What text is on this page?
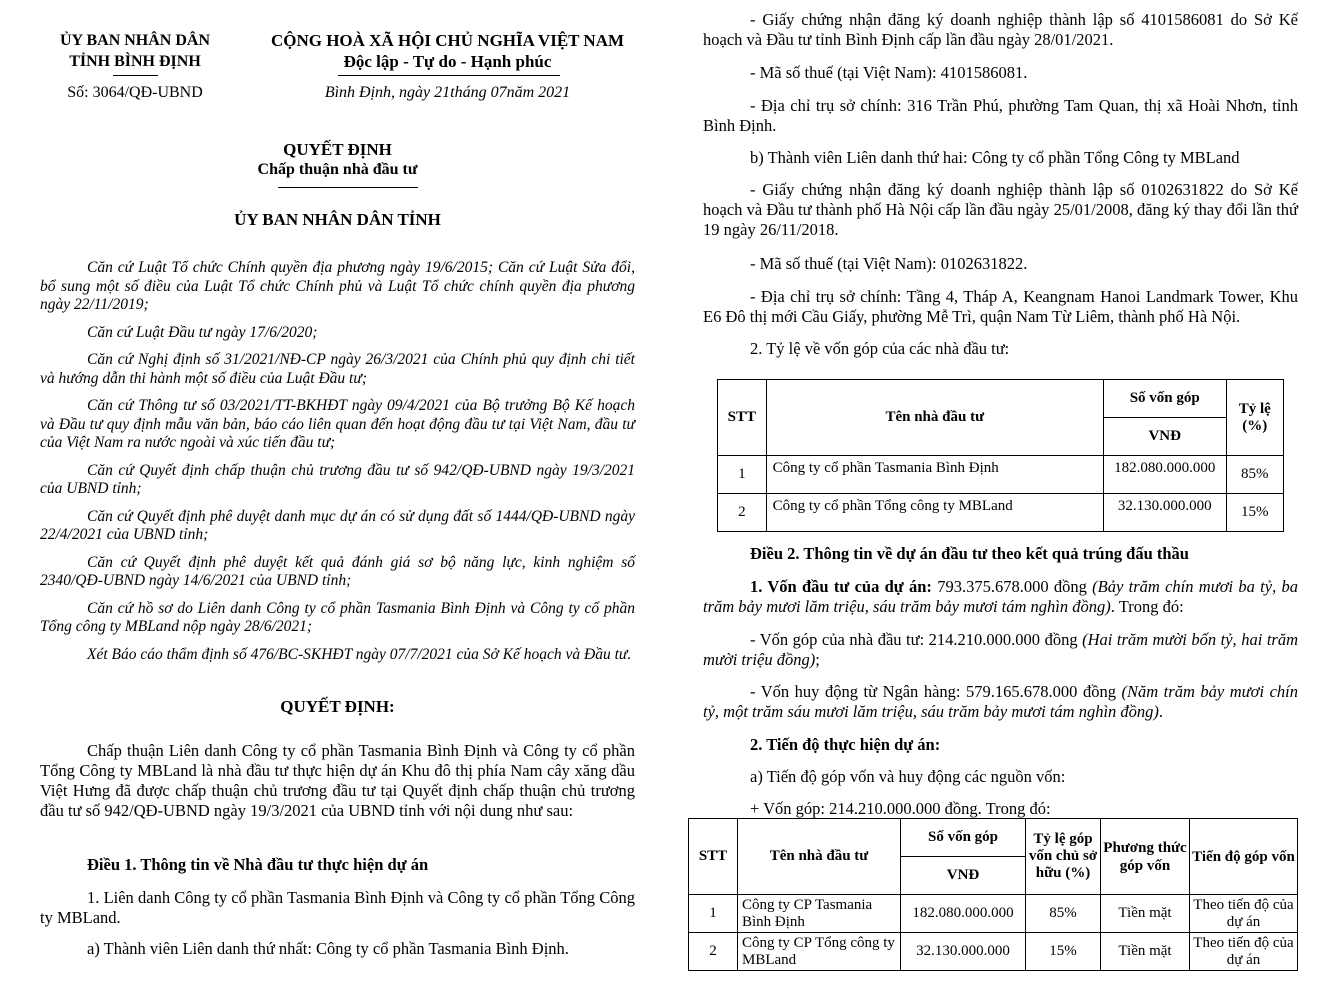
ỦY BAN NHÂN DÂN
TỈNH BÌNH ĐỊNH
Số: 3064/QĐ-UBND
CỘNG HOÀ XÃ HỘI CHỦ NGHĨA VIỆT NAM
Độc lập - Tự do - Hạnh phúc
Bình Định, ngày 21tháng 07năm 2021
QUYẾT ĐỊNH
Chấp thuận nhà đầu tư
ỦY BAN NHÂN DÂN TỈNH

Căn cứ Luật Tổ chức Chính quyền địa phương ngày 19/6/2015; Căn cứ Luật Sửa đổi, bổ sung một số điều của Luật Tổ chức Chính phủ và Luật Tổ chức chính quyền địa phương ngày 22/11/2019;

Căn cứ Luật Đầu tư ngày 17/6/2020;

Căn cứ Nghị định số 31/2021/NĐ-CP ngày 26/3/2021 của Chính phủ quy định chi tiết và hướng dẫn thi hành một số điều của Luật Đầu tư;

Căn cứ Thông tư số 03/2021/TT-BKHĐT ngày 09/4/2021 của Bộ trưởng Bộ Kế hoạch và Đầu tư quy định mẫu văn bản, báo cáo liên quan đến hoạt động đầu tư tại Việt Nam, đầu tư của Việt Nam ra nước ngoài và xúc tiến đầu tư;

Căn cứ Quyết định chấp thuận chủ trương đầu tư số 942/QĐ-UBND ngày 19/3/2021 của UBND tỉnh;

Căn cứ Quyết định phê duyệt danh mục dự án có sử dụng đất số 1444/QĐ-UBND ngày 22/4/2021 của UBND tỉnh;

Căn cứ Quyết định phê duyệt kết quả đánh giá sơ bộ năng lực, kinh nghiệm số 2340/QĐ-UBND ngày 14/6/2021 của UBND tỉnh;

Căn cứ hồ sơ do Liên danh Công ty cổ phần Tasmania Bình Định và Công ty cổ phần Tổng công ty MBLand nộp ngày 28/6/2021;

Xét Báo cáo thẩm định số 476/BC-SKHĐT ngày 07/7/2021 của Sở Kế hoạch và Đầu tư.

QUYẾT ĐỊNH:

Chấp thuận Liên danh Công ty cổ phần Tasmania Bình Định và Công ty cổ phần Tổng Công ty MBLand là nhà đầu tư thực hiện dự án Khu đô thị phía Nam cây xăng dầu Việt Hưng đã được chấp thuận chủ trương đầu tư tại Quyết định chấp thuận chủ trương đầu tư số 942/QĐ-UBND ngày 19/3/2021 của UBND tỉnh với nội dung như sau:

Điều 1. Thông tin về Nhà đầu tư thực hiện dự án

1. Liên danh Công ty cổ phần Tasmania Bình Định và Công ty cổ phần Tổng Công ty MBLand.

a) Thành viên Liên danh thứ nhất: Công ty cổ phần Tasmania Bình Định.

- Giấy chứng nhận đăng ký doanh nghiệp thành lập số 4101586081 do Sở Kế hoạch và Đầu tư tỉnh Bình Định cấp lần đầu ngày 28/01/2021.

- Mã số thuế (tại Việt Nam): 4101586081.

- Địa chỉ trụ sở chính: 316 Trần Phú, phường Tam Quan, thị xã Hoài Nhơn, tỉnh Bình Định.

b) Thành viên Liên danh thứ hai: Công ty cổ phần Tổng Công ty MBLand

- Giấy chứng nhận đăng ký doanh nghiệp thành lập số 0102631822 do Sở Kế hoạch và Đầu tư thành phố Hà Nội cấp lần đầu ngày 25/01/2008, đăng ký thay đổi lần thứ 19 ngày 26/11/2018.

- Mã số thuế (tại Việt Nam): 0102631822.

- Địa chỉ trụ sở chính: Tầng 4, Tháp A, Keangnam Hanoi Landmark Tower, Khu E6 Đô thị mới Cầu Giấy, phường Mễ Trì, quận Nam Từ Liêm, thành phố Hà Nội.

2. Tỷ lệ về vốn góp của các nhà đầu tư:

STT	Tên nhà đầu tư	Số vốn góp	Tỷ lệ (%)
		VNĐ	
1	Công ty cổ phần Tasmania Bình Định	182.080.000.000	85%
2	Công ty cổ phần Tổng công ty MBLand	32.130.000.000	15%

Điều 2. Thông tin về dự án đầu tư theo kết quả trúng đấu thầu

1. Vốn đầu tư của dự án: 793.375.678.000 đồng (Bảy trăm chín mươi ba tỷ, ba trăm bảy mươi lăm triệu, sáu trăm bảy mươi tám nghìn đồng). Trong đó:

- Vốn góp của nhà đầu tư: 214.210.000.000 đồng (Hai trăm mười bốn tỷ, hai trăm mười triệu đồng);

- Vốn huy động từ Ngân hàng: 579.165.678.000 đồng (Năm trăm bảy mươi chín tỷ, một trăm sáu mươi lăm triệu, sáu trăm bảy mươi tám nghìn đồng).

2. Tiến độ thực hiện dự án:

a) Tiến độ góp vốn và huy động các nguồn vốn:

+ Vốn góp: 214.210.000.000 đồng. Trong đó:

STT	Tên nhà đầu tư	Số vốn góp	Tỷ lệ góp vốn chủ sở hữu (%)	Phương thức góp vốn	Tiến độ góp vốn
		VNĐ			
1	Công ty CP Tasmania Bình Định	182.080.000.000	85%	Tiền mặt	Theo tiến độ của dự án
2	Công ty CP Tổng công ty MBLand	32.130.000.000	15%	Tiền mặt	Theo tiến độ của dự án
